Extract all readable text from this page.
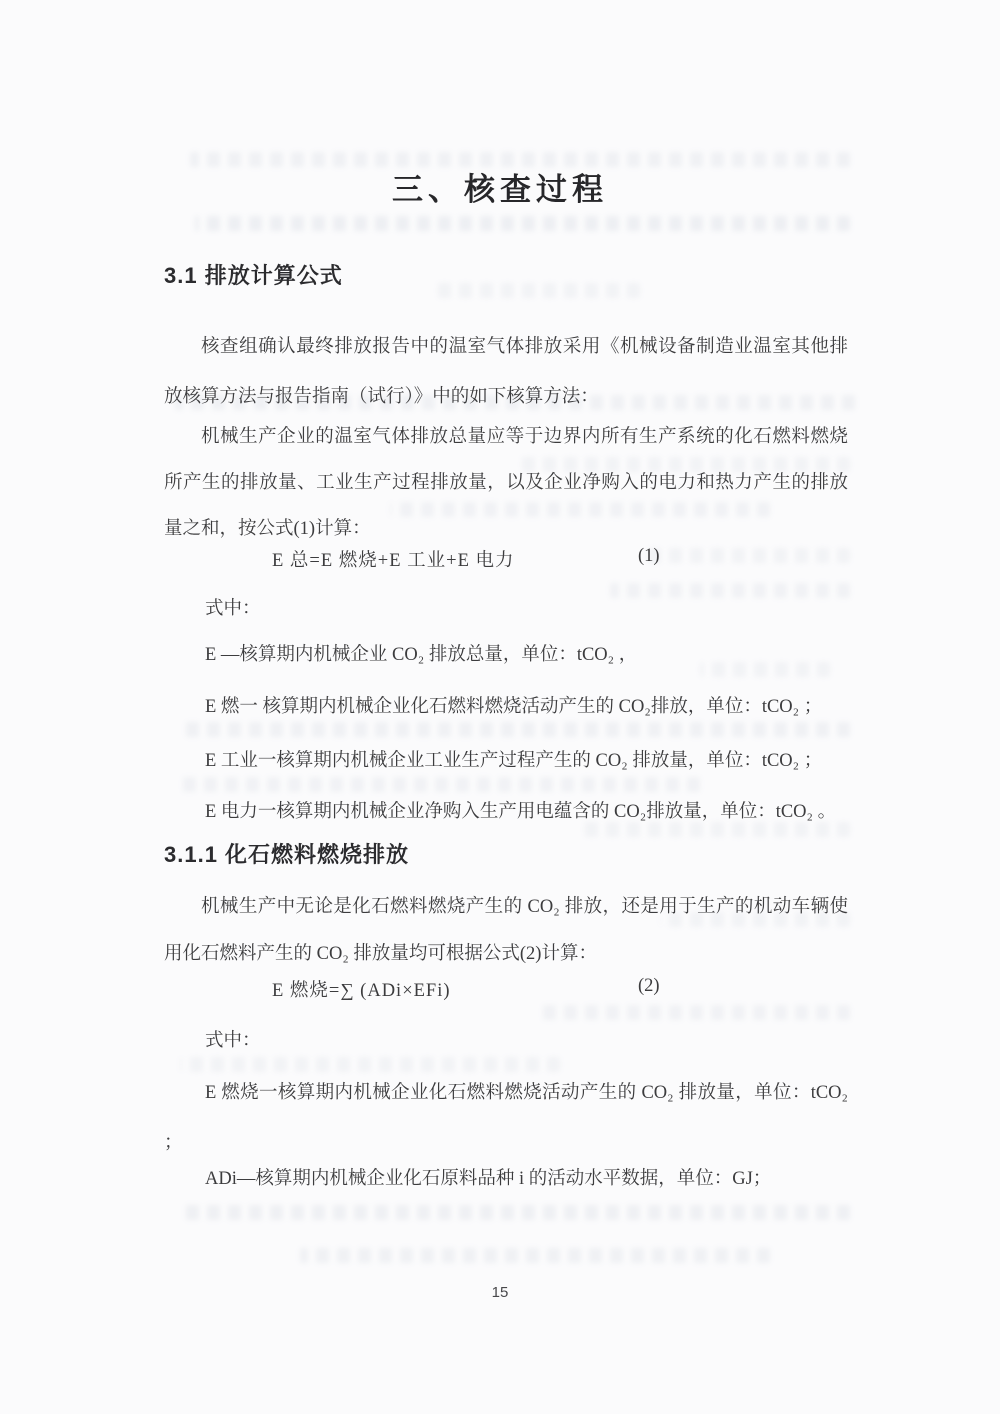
三、核查过程
3.1 排放计算公式
核查组确认最终排放报告中的温室气体排放采用《机械设备制造业温室其他排放核算方法与报告指南（试行）》中的如下核算方法：
机械生产企业的温室气体排放总量应等于边界内所有生产系统的化石燃料燃烧所产生的排放量、工业生产过程排放量，以及企业净购入的电力和热力产生的排放量之和，按公式(1)计算：
E 总=E 燃烧+E 工业+E 电力	(1)
式中：
E —核算期内机械企业 CO₂ 排放总量，单位：tCO₂ ，
E 燃一 核算期内机械企业化石燃料燃烧活动产生的 CO₂排放，单位：tCO₂ ；
E 工业一核算期内机械企业工业生产过程产生的 CO₂ 排放量，单位：tCO₂ ；
E 电力一核算期内机械企业净购入生产用电蕴含的 CO₂排放量，单位：tCO₂ 。
3.1.1 化石燃料燃烧排放
机械生产中无论是化石燃料燃烧产生的 CO₂ 排放，还是用于生产的机动车辆使用化石燃料产生的 CO₂ 排放量均可根据公式(2)计算：
E 燃烧=∑ (ADi×EFi)	(2)
式中：
E 燃烧一核算期内机械企业化石燃料燃烧活动产生的 CO₂ 排放量，单位：tCO₂ ；
ADi—核算期内机械企业化石原料品种 i 的活动水平数据，单位：GJ；
15
